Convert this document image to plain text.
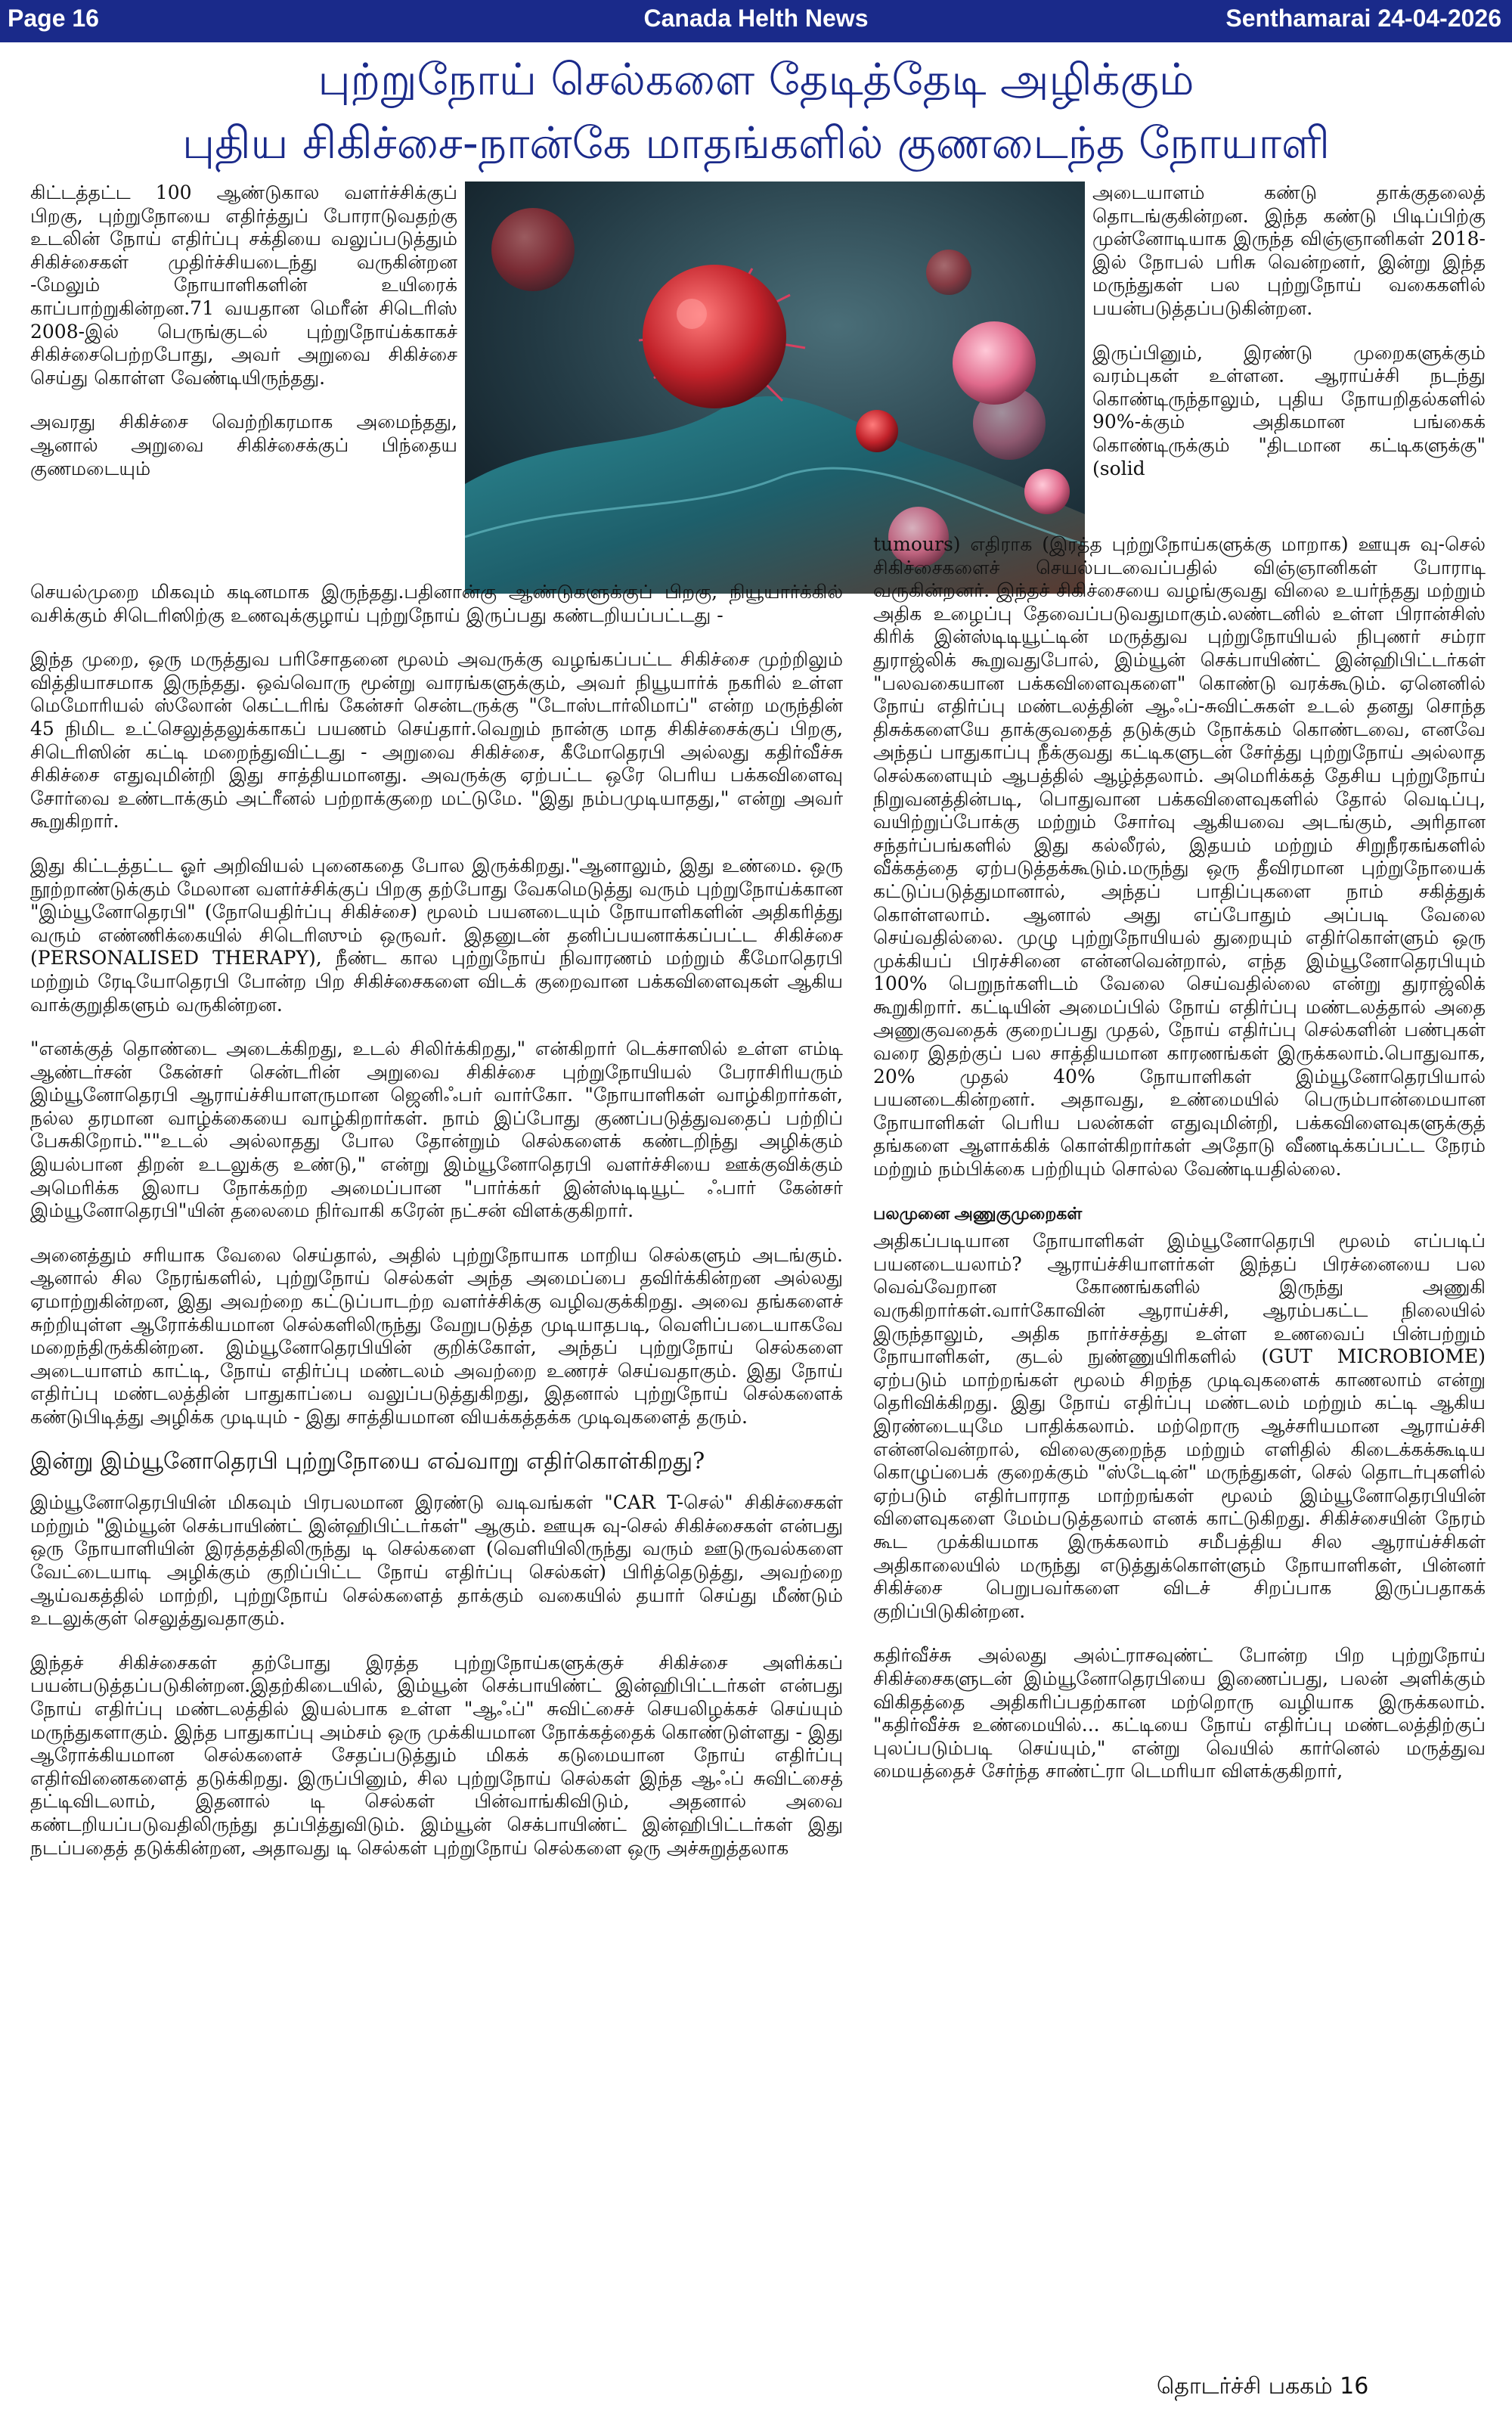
Page 16	Canada Helth News	Senthamarai 24-04-2026
புற்றுநோய் செல்களை தேடித்தேடி அழிக்கும்
புதிய சிகிச்சை-நான்கே மாதங்களில் குணடைந்த நோயாளி

கிட்டத்தட்ட 100 ஆண்டுகால வளர்ச்சிக்குப் பிறகு, புற்றுநோயை எதிர்த்துப் போராடுவதற்கு உடலின் நோய் எதிர்ப்பு சக்தியை வலுப்படுத்தும் சிகிச்சைகள் முதிர்ச்சியடைந்து வருகின்றன -மேலும் நோயாளிகளின் உயிரைக் காப்பாற்றுகின்றன.71 வயதான மெரீன் சிடெரிஸ் 2008-இல் பெருங்குடல் புற்றுநோய்க்காகச் சிகிச்சைபெற்றபோது, அவர் அறுவை சிகிச்சை செய்து கொள்ள வேண்டியிருந்தது.

அவரது சிகிச்சை வெற்றிகரமாக அமைந்தது, ஆனால் அறுவை சிகிச்சைக்குப் பிந்தைய குணமடையும்

செயல்முறை மிகவும் கடினமாக இருந்தது.பதினான்கு ஆண்டுகளுக்குப் பிறகு, நியூயார்க்கில் வசிக்கும் சிடெரிஸிற்கு உணவுக்குழாய் புற்றுநோய் இருப்பது கண்டறியப்பட்டது -

இந்த முறை, ஒரு மருத்துவ பரிசோதனை மூலம் அவருக்கு வழங்கப்பட்ட சிகிச்சை முற்றிலும் வித்தியாசமாக இருந்தது. ஒவ்வொரு மூன்று வாரங்களுக்கும், அவர் நியூயார்க் நகரில் உள்ள மெமோரியல் ஸ்லோன் கெட்டரிங் கேன்சர் சென்டருக்கு "டோஸ்டார்லிமாப்" என்ற மருந்தின் 45 நிமிட உட்செலுத்தலுக்காகப் பயணம் செய்தார்.வெறும் நான்கு மாத சிகிச்சைக்குப் பிறகு, சிடெரிஸின் கட்டி மறைந்துவிட்டது - அறுவை சிகிச்சை, கீமோதெரபி அல்லது கதிர்வீச்சு சிகிச்சை எதுவுமின்றி இது சாத்தியமானது. அவருக்கு ஏற்பட்ட ஒரே பெரிய பக்கவிளைவு சோர்வை உண்டாக்கும் அட்ரீனல் பற்றாக்குறை மட்டுமே. "இது நம்பமுடியாதது," என்று அவர் கூறுகிறார்.

இது கிட்டத்தட்ட ஓர் அறிவியல் புனைகதை போல இருக்கிறது."ஆனாலும், இது உண்மை. ஒரு நூற்றாண்டுக்கும் மேலான வளர்ச்சிக்குப் பிறகு தற்போது வேகமெடுத்து வரும் புற்றுநோய்க்கான "இம்யூனோதெரபி" (நோயெதிர்ப்பு சிகிச்சை) மூலம் பயனடையும் நோயாளிகளின் அதிகரித்து வரும் எண்ணிக்கையில் சிடெரிஸும் ஒருவர். இதனுடன் தனிப்பயனாக்கப்பட்ட சிகிச்சை (PERSONALISED THERAPY), நீண்ட கால புற்றுநோய் நிவாரணம் மற்றும் கீமோதெரபி மற்றும் ரேடியோதெரபி போன்ற பிற சிகிச்சைகளை விடக் குறைவான பக்கவிளைவுகள் ஆகிய வாக்குறுதிகளும் வருகின்றன.

"எனக்குத் தொண்டை அடைக்கிறது, உடல் சிலிர்க்கிறது," என்கிறார் டெக்சாஸில் உள்ள எம்டி ஆண்டர்சன் கேன்சர் சென்டரின் அறுவை சிகிச்சை புற்றுநோயியல் பேராசிரியரும் இம்யூனோதெரபி ஆராய்ச்சியாளருமான ஜெனிஃபர் வார்கோ. "நோயாளிகள் வாழ்கிறார்கள், நல்ல தரமான வாழ்க்கையை வாழ்கிறார்கள். நாம் இப்போது குணப்படுத்துவதைப் பற்றிப் பேசுகிறோம்.""உடல் அல்லாதது போல தோன்றும் செல்களைக் கண்டறிந்து அழிக்கும் இயல்பான திறன் உடலுக்கு உண்டு," என்று இம்யூனோதெரபி வளர்ச்சியை ஊக்குவிக்கும் அமெரிக்க இலாப நோக்கற்ற அமைப்பான "பார்க்கர் இன்ஸ்டிடியூட் ஃபார் கேன்சர் இம்யூனோதெரபி"யின் தலைமை நிர்வாகி கரேன் நட்சன் விளக்குகிறார்.

அனைத்தும் சரியாக வேலை செய்தால், அதில் புற்றுநோயாக மாறிய செல்களும் அடங்கும். ஆனால் சில நேரங்களில், புற்றுநோய் செல்கள் அந்த அமைப்பை தவிர்க்கின்றன அல்லது ஏமாற்றுகின்றன, இது அவற்றை கட்டுப்பாடற்ற வளர்ச்சிக்கு வழிவகுக்கிறது. அவை தங்களைச் சுற்றியுள்ள ஆரோக்கியமான செல்களிலிருந்து வேறுபடுத்த முடியாதபடி, வெளிப்படையாகவே மறைந்திருக்கின்றன. இம்யூனோதெரபியின் குறிக்கோள், அந்தப் புற்றுநோய் செல்களை அடையாளம் காட்டி, நோய் எதிர்ப்பு மண்டலம் அவற்றை உணரச் செய்வதாகும். இது நோய் எதிர்ப்பு மண்டலத்தின் பாதுகாப்பை வலுப்படுத்துகிறது, இதனால் புற்றுநோய் செல்களைக் கண்டுபிடித்து அழிக்க முடியும் - இது சாத்தியமான வியக்கத்தக்க முடிவுகளைத் தரும்.

இன்று இம்யூனோதெரபி புற்றுநோயை எவ்வாறு எதிர்கொள்கிறது?

இம்யூனோதெரபியின் மிகவும் பிரபலமான இரண்டு வடிவங்கள் "CAR T-செல்" சிகிச்சைகள் மற்றும் "இம்யூன் செக்பாயிண்ட் இன்ஹிபிட்டர்கள்" ஆகும். ஊயுசு வு-செல் சிகிச்சைகள் என்பது ஒரு நோயாளியின் இரத்தத்திலிருந்து டி செல்களை (வெளியிலிருந்து வரும் ஊடுருவல்களை வேட்டையாடி அழிக்கும் குறிப்பிட்ட நோய் எதிர்ப்பு செல்கள்) பிரித்தெடுத்து, அவற்றை ஆய்வகத்தில் மாற்றி, புற்றுநோய் செல்களைத் தாக்கும் வகையில் தயார் செய்து மீண்டும் உடலுக்குள் செலுத்துவதாகும்.

இந்தச் சிகிச்சைகள் தற்போது இரத்த புற்றுநோய்களுக்குச் சிகிச்சை அளிக்கப் பயன்படுத்தப்படுகின்றன.இதற்கிடையில், இம்யூன் செக்பாயிண்ட் இன்ஹிபிட்டர்கள் என்பது நோய் எதிர்ப்பு மண்டலத்தில் இயல்பாக உள்ள "ஆஃப்" சுவிட்சைச் செயலிழக்கச் செய்யும் மருந்துகளாகும். இந்த பாதுகாப்பு அம்சம் ஒரு முக்கியமான நோக்கத்தைக் கொண்டுள்ளது - இது ஆரோக்கியமான செல்களைச் சேதப்படுத்தும் மிகக் கடுமையான நோய் எதிர்ப்பு எதிர்வினைகளைத் தடுக்கிறது. இருப்பினும், சில புற்றுநோய் செல்கள் இந்த ஆஃப் சுவிட்சைத் தட்டிவிடலாம், இதனால் டி செல்கள் பின்வாங்கிவிடும், அதனால் அவை கண்டறியப்படுவதிலிருந்து தப்பித்துவிடும். இம்யூன் செக்பாயிண்ட் இன்ஹிபிட்டர்கள் இது நடப்பதைத் தடுக்கின்றன, அதாவது டி செல்கள் புற்றுநோய் செல்களை ஒரு அச்சுறுத்தலாக

அடையாளம் கண்டு தாக்குதலைத் தொடங்குகின்றன. இந்த கண்டு பிடிப்பிற்கு முன்னோடியாக இருந்த விஞ்ஞானிகள் 2018-இல் நோபல் பரிசு வென்றனர், இன்று இந்த மருந்துகள் பல புற்றுநோய் வகைகளில் பயன்படுத்தப்படுகின்றன.

இருப்பினும், இரண்டு முறைகளுக்கும் வரம்புகள் உள்ளன. ஆராய்ச்சி நடந்து கொண்டிருந்தாலும், புதிய நோயறிதல்களில் 90%-க்கும் அதிகமான பங்கைக் கொண்டிருக்கும் "திடமான கட்டிகளுக்கு" (solid

tumours) எதிராக (இரத்த புற்றுநோய்களுக்கு மாறாக) ஊயுசு வு-செல் சிகிச்சைகளைச் செயல்படவைப்பதில் விஞ்ஞானிகள் போராடி வருகின்றனர். இந்தச் சிகிச்சையை வழங்குவது விலை உயர்ந்தது மற்றும் அதிக உழைப்பு தேவைப்படுவதுமாகும்.லண்டனில் உள்ள பிரான்சிஸ் கிரிக் இன்ஸ்டிடியூட்டின் மருத்துவ புற்றுநோயியல் நிபுணர் சம்ரா துராஜ்லிக் கூறுவதுபோல், இம்யூன் செக்பாயிண்ட் இன்ஹிபிட்டர்கள் "பலவகையான பக்கவிளைவுகளை" கொண்டு வரக்கூடும். ஏனெனில் நோய் எதிர்ப்பு மண்டலத்தின் ஆஃப்-சுவிட்சுகள் உடல் தனது சொந்த திசுக்களையே தாக்குவதைத் தடுக்கும் நோக்கம் கொண்டவை, எனவே அந்தப் பாதுகாப்பு நீக்குவது கட்டிகளுடன் சேர்த்து புற்றுநோய் அல்லாத செல்களையும் ஆபத்தில் ஆழ்த்தலாம். அமெரிக்கத் தேசிய புற்றுநோய் நிறுவனத்தின்படி, பொதுவான பக்கவிளைவுகளில் தோல் வெடிப்பு, வயிற்றுப்போக்கு மற்றும் சோர்வு ஆகியவை அடங்கும், அரிதான சந்தர்ப்பங்களில் இது கல்லீரல், இதயம் மற்றும் சிறுநீரகங்களில் வீக்கத்தை ஏற்படுத்தக்கூடும்.மருந்து ஒரு தீவிரமான புற்றுநோயைக் கட்டுப்படுத்துமானால், அந்தப் பாதிப்புகளை நாம் சகித்துக் கொள்ளலாம். ஆனால் அது எப்போதும் அப்படி வேலை செய்வதில்லை. முழு புற்றுநோயியல் துறையும் எதிர்கொள்ளும் ஒரு முக்கியப் பிரச்சினை என்னவென்றால், எந்த இம்யூனோதெரபியும் 100% பெறுநர்களிடம் வேலை செய்வதில்லை என்று துராஜ்லிக் கூறுகிறார். கட்டியின் அமைப்பில் நோய் எதிர்ப்பு மண்டலத்தால் அதை அணுகுவதைக் குறைப்பது முதல், நோய் எதிர்ப்பு செல்களின் பண்புகள் வரை இதற்குப் பல சாத்தியமான காரணங்கள் இருக்கலாம்.பொதுவாக, 20% முதல் 40% நோயாளிகள் இம்யூனோதெரபியால் பயனடைகின்றனர். அதாவது, உண்மையில் பெரும்பான்மையான நோயாளிகள் பெரிய பலன்கள் எதுவுமின்றி, பக்கவிளைவுகளுக்குத் தங்களை ஆளாக்கிக் கொள்கிறார்கள் அதோடு வீணடிக்கப்பட்ட நேரம் மற்றும் நம்பிக்கை பற்றியும் சொல்ல வேண்டியதில்லை.

பலமுனை அணுகுமுறைகள்

அதிகப்படியான நோயாளிகள் இம்யூனோதெரபி மூலம் எப்படிப் பயனடையலாம்? ஆராய்ச்சியாளர்கள் இந்தப் பிரச்னையை பல வெவ்வேறான கோணங்களில் இருந்து அணுகி வருகிறார்கள்.வார்கோவின் ஆராய்ச்சி, ஆரம்பகட்ட நிலையில் இருந்தாலும், அதிக நார்ச்சத்து உள்ள உணவைப் பின்பற்றும் நோயாளிகள், குடல் நுண்ணுயிரிகளில் (GUT MICROBIOME) ஏற்படும் மாற்றங்கள் மூலம் சிறந்த முடிவுகளைக் காணலாம் என்று தெரிவிக்கிறது. இது நோய் எதிர்ப்பு மண்டலம் மற்றும் கட்டி ஆகிய இரண்டையுமே பாதிக்கலாம். மற்றொரு ஆச்சரியமான ஆராய்ச்சி என்னவென்றால், விலைகுறைந்த மற்றும் எளிதில் கிடைக்கக்கூடிய கொழுப்பைக் குறைக்கும் "ஸ்டேடின்" மருந்துகள், செல் தொடர்புகளில் ஏற்படும் எதிர்பாராத மாற்றங்கள் மூலம் இம்யூனோதெரபியின் விளைவுகளை மேம்படுத்தலாம் எனக் காட்டுகிறது. சிகிச்சையின் நேரம் கூட முக்கியமாக இருக்கலாம் சமீபத்திய சில ஆராய்ச்சிகள் அதிகாலையில் மருந்து எடுத்துக்கொள்ளும் நோயாளிகள், பின்னர் சிகிச்சை பெறுபவர்களை விடச் சிறப்பாக இருப்பதாகக் குறிப்பிடுகின்றன.

கதிர்வீச்சு அல்லது அல்ட்ராசவுண்ட் போன்ற பிற புற்றுநோய் சிகிச்சைகளுடன் இம்யூனோதெரபியை இணைப்பது, பலன் அளிக்கும் விகிதத்தை அதிகரிப்பதற்கான மற்றொரு வழியாக இருக்கலாம். "கதிர்வீச்சு உண்மையில்... கட்டியை நோய் எதிர்ப்பு மண்டலத்திற்குப் புலப்படும்படி செய்யும்," என்று வெயில் கார்னெல் மருத்துவ மையத்தைச் சேர்ந்த சாண்ட்ரா டெமரியா விளக்குகிறார்,

தொடர்ச்சி பககம் 16
